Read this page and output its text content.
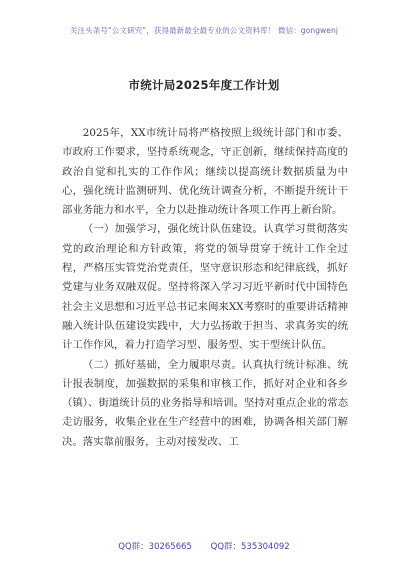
关注头条号“公文研究”，获得最新最全最专业的公文资料库！ 微信：gongwenj
市统计局2025年度工作计划

2025年，XX市统计局将严格按照上级统计部门和市委、市政府工作要求，坚持系统观念，守正创新，继续保持高度的政治自觉和扎实的工作作风；继续以提高统计数据质量为中心，强化统计监测研判、优化统计调查分析，不断提升统计干部业务能力和水平，全力以赴推动统计各项工作再上新台阶。

（一）加强学习，强化统计队伍建设。认真学习贯彻落实党的政治理论和方针政策，将党的领导贯穿于统计工作全过程，严格压实管党治党责任，坚守意识形态和纪律底线，抓好党建与业务双融双促。坚持将深入学习习近平新时代中国特色社会主义思想和习近平总书记来闽来XX考察时的重要讲话精神融入统计队伍建设实践中，大力弘扬敢于担当、求真务实的统计工作作风，着力打造学习型、服务型、实干型统计队伍。

（二）抓好基础，全力履职尽责。认真执行统计标准、统计报表制度，加强数据的采集和审核工作，抓好对企业和各乡（镇）、街道统计员的业务指导和培训。坚持对重点企业的常态走访服务，收集企业在生产经营中的困难，协调各相关部门解决。落实靠前服务，主动对接发改、工

QQ群：30265665 QQ群：535304092
